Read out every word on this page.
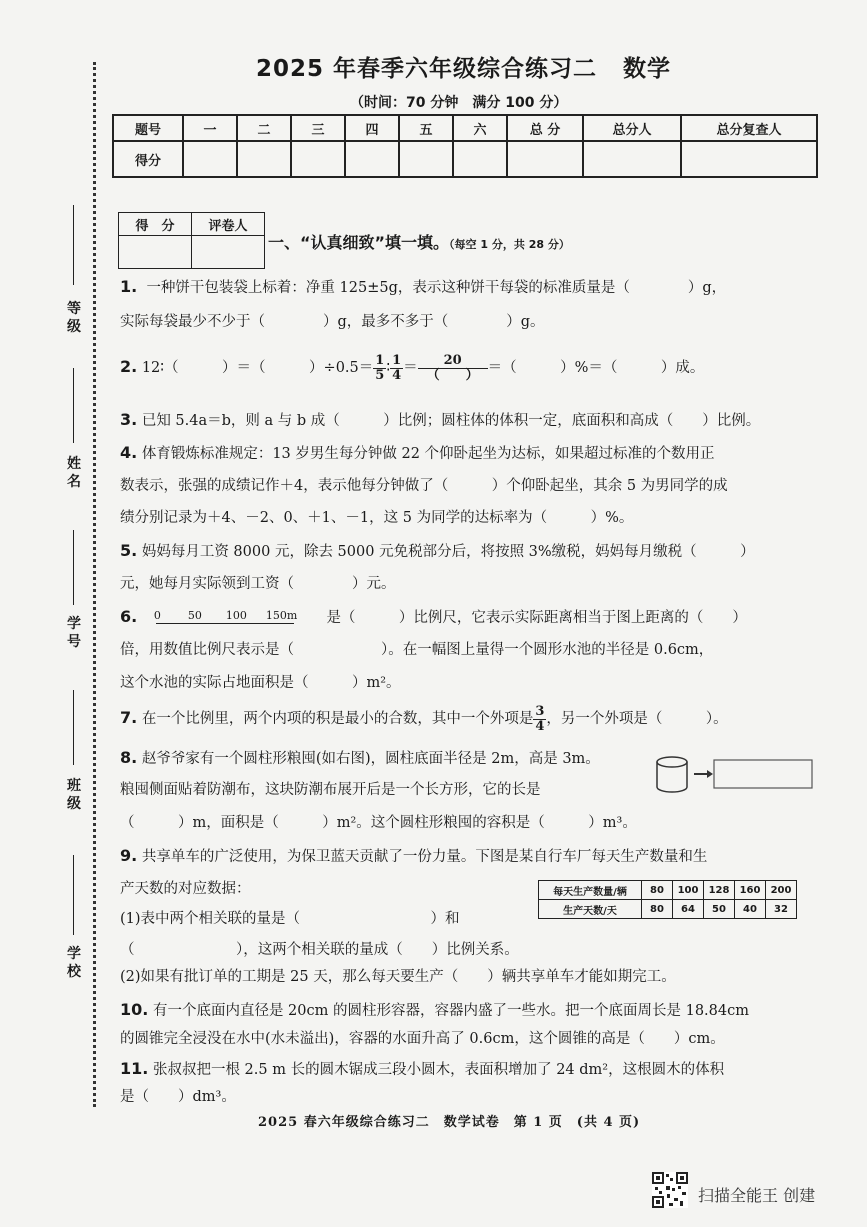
等级
姓名
学号
班级
学校
2025 年春季六年级综合练习二 数学
（时间：70 分钟　满分 100 分）
题号	一	二	三	四	五	六	总 分	总分人	总分复查人
得分									
得　分	评卷人

一、“认真细致”填一填。（每空 1 分，共 28 分）
1. 一种饼干包装袋上标着：净重 125±5g，表示这种饼干每袋的标准质量是（　　　　）g，
实际每袋最少不少于（　　　　）g，最多不多于（　　　　）g。
2. 12∶（　　　）＝（　　　）$\div 0.5= \frac{1}{5}$ ∶ $\frac{1}{4} = \frac{20}{( )}$ ＝（　　　）%＝（　　　）成。
3. 已知 5.4a＝b，则 a 与 b 成（　　　）比例；圆柱体的体积一定，底面积和高成（　　）比例。
4. 体育锻炼标准规定：13 岁男生每分钟做 22 个仰卧起坐为达标，如果超过标准的个数用正
数表示，张强的成绩记作＋4，表示他每分钟做了（　　　）个仰卧起坐，其余 5 为男同学的成
绩分别记录为＋4、－2、0、＋1、－1，这 5 为同学的达标率为（　　　）%。
5. 妈妈每月工资 8000 元，除去 5000 元免税部分后，将按照 3%缴税，妈妈每月缴税（　　　）
元，她每月实际领到工资（　　　　）元。
6. 0 50 100 150m 是（　　　）比例尺，它表示实际距离相当于图上距离的（　　）
倍，用数值比例尺表示是（　　　　　　）。在一幅图上量得一个圆形水池的半径是 0.6cm，
这个水池的实际占地面积是（　　　）m²。
7. 在一个比例里，两个内项的积是最小的合数，其中一个外项是 $\frac{3}{4}$ ，另一个外项是（　　　）。
8. 赵爷爷家有一个圆柱形粮囤(如右图)，圆柱底面半径是 2m，高是 3m。
粮囤侧面贴着防潮布，这块防潮布展开后是一个长方形，它的长是
（　　　）m，面积是（　　　）m²。这个圆柱形粮囤的容积是（　　　）m³。
9. 共享单车的广泛使用，为保卫蓝天贡献了一份力量。下图是某自行车厂每天生产数量和生
产天数的对应数据：
(1)表中两个相关联的量是（　　　　　　　　　）和
（　　　　　　　），这两个相关联的量成（　　）比例关系。
(2)如果有批订单的工期是 25 天，那么每天要生产（　　）辆共享单车才能如期完工。
每天生产数量/辆	80	100	128	160	200
生产天数/天	80	64	50	40	32
10. 有一个底面内直径是 20cm 的圆柱形容器，容器内盛了一些水。把一个底面周长是 18.84cm
的圆锥完全浸没在水中(水未溢出)，容器的水面升高了 0.6cm，这个圆锥的高是（　　）cm。
11. 张叔叔把一根 2.5 m 长的圆木锯成三段小圆木，表面积增加了 24 dm²，这根圆木的体积
是（　　）dm³。
2025 春六年级综合练习二　数学试卷　第 1 页　(共 4 页)
扫描全能王 创建
